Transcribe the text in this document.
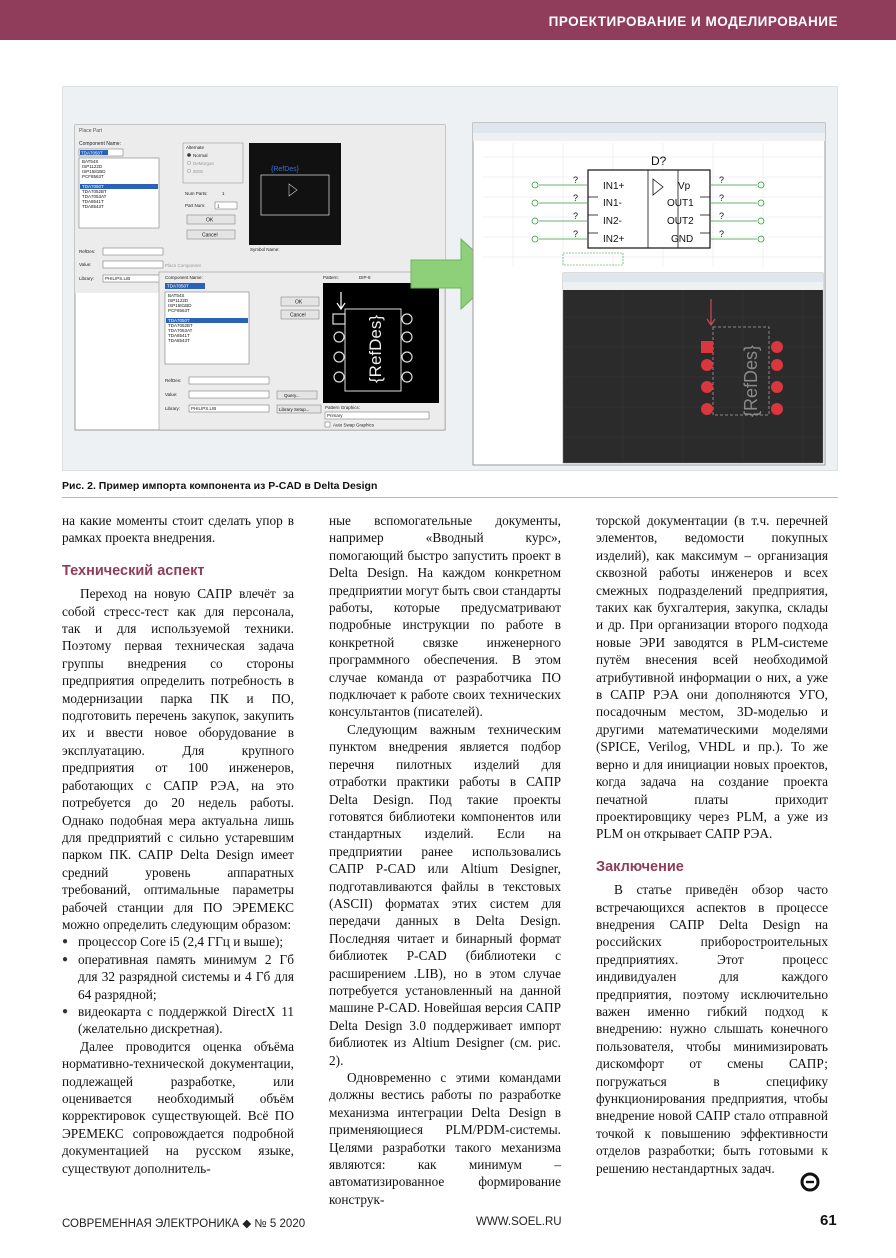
ПРОЕКТИРОВАНИЕ И МОДЕЛИРОВАНИЕ
Place Part
Component Name:
TDA7050T
BAT54S
ISP1122D
ISP1581BD
PCF8563T
TDA7050T
TDA7052BT
TDA7053AT
TDA8541T
TDA8543T
Alternate
Normal
DeMorgan
IEEE
Num Parts:	1
Part Num:	1
OK
Cancel
{RefDes}
Symbol Name:
RefDes:
Value:
Library: PHILIPS.LIB
Place Component
Component Name:
TDA7050T
BAT54S
ISP1122D
ISP1581BD
PCF8563T
TDA7050T
TDA7052BT
TDA7053AT
TDA8541T
TDA8543T
OK
Cancel
Pattern:	DIP-8
{RefDes}
RefDes:
Value:
Library: PHILIPS.LIB
Query...
Library Setup...	Pattern Graphics:
Primary
Auto Swap Graphics
D?
IN1+
IN1-
IN2-
IN2+
Vp
OUT1
OUT2
GND
?
?
?
?
?
?
?
?
{RefDes}
Рис. 2. Пример импорта компонента из P-CAD в Delta Design

на какие моменты стоит сделать упор в рамках проекта внедрения.

Технический аспект

Переход на новую САПР влечёт за собой стресс-тест как для персонала, так и для используемой техники. Поэтому первая техническая задача группы внедрения со стороны предприятия определить потребность в модернизации парка ПК и ПО, подготовить перечень закупок, закупить их и ввести новое оборудование в эксплуатацию. Для крупного предприятия от 100 инженеров, работающих с САПР РЭА, на это потребуется до 20 недель работы. Однако подобная мера актуальна лишь для предприятий с сильно устаревшим парком ПК. САПР Delta Design имеет средний уровень аппаратных требований, оптимальные параметры рабочей станции для ПО ЭРЕМЕКС можно определить следующим образом:

● процессор Core i5 (2,4 ГГц и выше);
● оперативная память минимум 2 Гб для 32 разрядной системы и 4 Гб для 64 разрядной;
● видеокарта с поддержкой DirectX 11 (желательно дискретная).

Далее проводится оценка объёма нормативно-технической документации, подлежащей разработке, или оценивается необходимый объём корректировок существующей. Всё ПО ЭРЕМЕКС сопровождается подробной документацией на русском языке, существуют дополнитель-

ные вспомогательные документы, например «Вводный курс», помогающий быстро запустить проект в Delta Design. На каждом конкретном предприятии могут быть свои стандарты работы, которые предусматривают подробные инструкции по работе в конкретной связке инженерного программного обеспечения. В этом случае команда от разработчика ПО подключает к работе своих технических консультантов (писателей).

Следующим важным техническим пунктом внедрения является подбор перечня пилотных изделий для отработки практики работы в САПР Delta Design. Под такие проекты готовятся библиотеки компонентов или стандартных изделий. Если на предприятии ранее использовались САПР P-CAD или Altium Designer, подготавливаются файлы в текстовых (ASCII) форматах этих систем для передачи данных в Delta Design. Последняя читает и бинарный формат библиотек P-CAD (библиотеки с расширением .LIB), но в этом случае потребуется установленный на данной машине P-CAD. Новейшая версия САПР Delta Design 3.0 поддерживает импорт библиотек из Altium Designer (см. рис. 2).

Одновременно с этими командами должны вестись работы по разработке механизма интеграции Delta Design в применяющиеся PLM/PDM-системы. Целями разработки такого механизма являются: как минимум – автоматизированное формирование конструк-

торской документации (в т.ч. перечней элементов, ведомости покупных изделий), как максимум – организация сквозной работы инженеров и всех смежных подразделений предприятия, таких как бухгалтерия, закупка, склады и др. При организации второго подхода новые ЭРИ заводятся в PLM-системе путём внесения всей необходимой атрибутивной информации о них, а уже в САПР РЭА они дополняются УГО, посадочным местом, 3D-моделью и другими математическими моделями (SPICE, Verilog, VHDL и пр.). То же верно и для инициации новых проектов, когда задача на создание проекта печатной платы приходит проектировщику через PLM, а уже из PLM он открывает САПР РЭА.

Заключение

В статье приведён обзор часто встречающихся аспектов в процессе внедрения САПР Delta Design на российских приборостроительных предприятиях. Этот процесс индивидуален для каждого предприятия, поэтому исключительно важен именно гибкий подход к внедрению: нужно слышать конечного пользователя, чтобы минимизировать дискомфорт от смены САПР; погружаться в специфику функционирования предприятия, чтобы внедрение новой САПР стало отправной точкой к повышению эффективности отделов разработки; быть готовыми к решению нестандартных задач.

СОВРЕМЕННАЯ ЭЛЕКТРОНИКА ◆ № 5 2020	WWW.SOEL.RU	61
